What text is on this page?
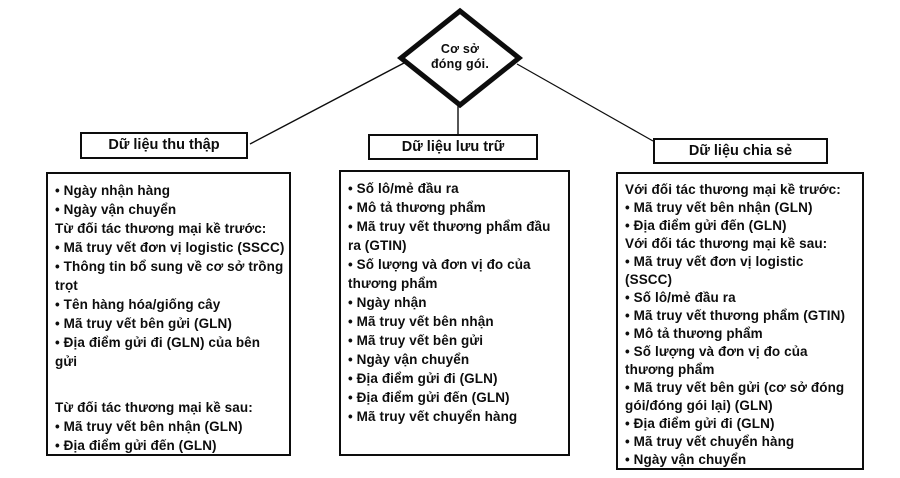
Cơ sở
đóng gói.
Dữ liệu thu thập	Dữ liệu lưu trữ	Dữ liệu chia sẻ
• Ngày nhận hàng
• Ngày vận chuyển
Từ đối tác thương mại kề trước:
• Mã truy vết đơn vị logistic (SSCC)
• Thông tin bổ sung về cơ sở trồng
trọt
• Tên hàng hóa/giống cây
• Mã truy vết bên gửi (GLN)
• Địa điểm gửi đi (GLN) của bên
gửi
Từ đối tác thương mại kề sau:
• Mã truy vết bên nhận (GLN)
• Địa điểm gửi đến (GLN)
• Số lô/mẻ đầu ra
• Mô tả thương phẩm
• Mã truy vết thương phẩm đầu
ra (GTIN)
• Số lượng và đơn vị đo của
thương phẩm
• Ngày nhận
• Mã truy vết bên nhận
• Mã truy vết bên gửi
• Ngày vận chuyển
• Địa điểm gửi đi (GLN)
• Địa điểm gửi đến (GLN)
• Mã truy vết chuyển hàng
Với đối tác thương mại kề trước:
• Mã truy vết bên nhận (GLN)
• Địa điểm gửi đến (GLN)
Với đối tác thương mại kề sau:
• Mã truy vết đơn vị logistic
(SSCC)
• Số lô/mẻ đầu ra
• Mã truy vết thương phẩm (GTIN)
• Mô tả thương phẩm
• Số lượng và đơn vị đo của
thương phẩm
• Mã truy vết bên gửi (cơ sở đóng
gói/đóng gói lại) (GLN)
• Địa điểm gửi đi (GLN)
• Mã truy vết chuyển hàng
• Ngày vận chuyển
